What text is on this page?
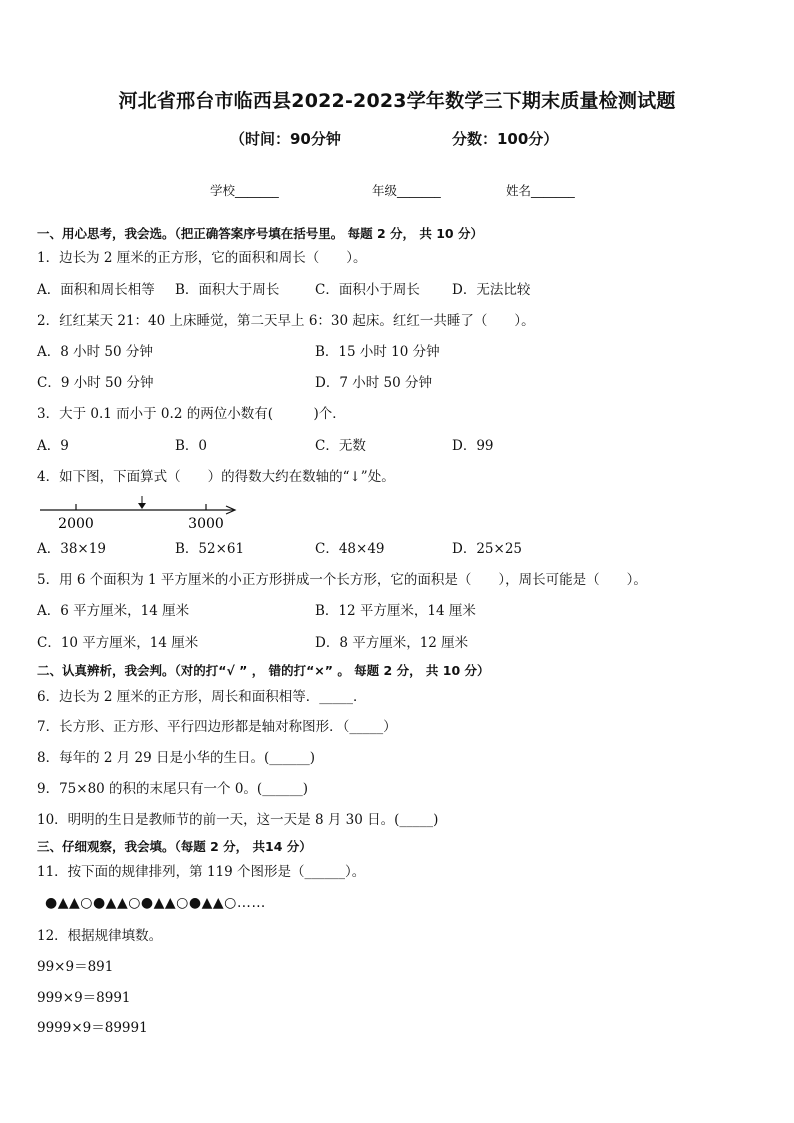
河北省邢台市临西县2022-2023学年数学三下期末质量检测试题
（时间：90分钟	分数：100分）
学校_______	年级_______	姓名_______
一、用心思考，我会选。（把正确答案序号填在括号里。 每题 2 分， 共 10 分）
1．边长为 2 厘米的正方形，它的面积和周长（　　）。
A．面积和周长相等 B．面积大于周长	C．面积小于周长 D．无法比较
2．红红某天 21：40 上床睡觉，第二天早上 6：30 起床。红红一共睡了（　　）。
A．8 小时 50 分钟	B．15 小时 10 分钟
C．9 小时 50 分钟	D．7 小时 50 分钟
3．大于 0.1 而小于 0.2 的两位小数有(　　　)个．
A．9	B．0	C．无数	D．99
4．如下图，下面算式（　　）的得数大约在数轴的“↓”处。
2000	3000
A．38×19	B．52×61	C．48×49	D．25×25
5．用 6 个面积为 1 平方厘米的小正方形拼成一个长方形，它的面积是（　　），周长可能是（　　）。
A．6 平方厘米，14 厘米	B．12 平方厘米，14 厘米
C．10 平方厘米，14 厘米	D．8 平方厘米，12 厘米
二、认真辨析，我会判。（对的打“√ ” ， 错的打“×” 。 每题 2 分， 共 10 分）
6．边长为 2 厘米的正方形，周长和面积相等．_____．
7．长方形、正方形、平行四边形都是轴对称图形．（_____）
8．每年的 2 月 29 日是小华的生日。(______)
9．75×80 的积的末尾只有一个 0。(______)
10．明明的生日是教师节的前一天，这一天是 8 月 30 日。(_____)
三、仔细观察，我会填。（每题 2 分， 共14 分）
11．按下面的规律排列，第 119 个图形是（______）。
●▲▲○●▲▲○●▲▲○●▲▲○……
12．根据规律填数。
99×9＝891
999×9＝8991
9999×9＝89991
